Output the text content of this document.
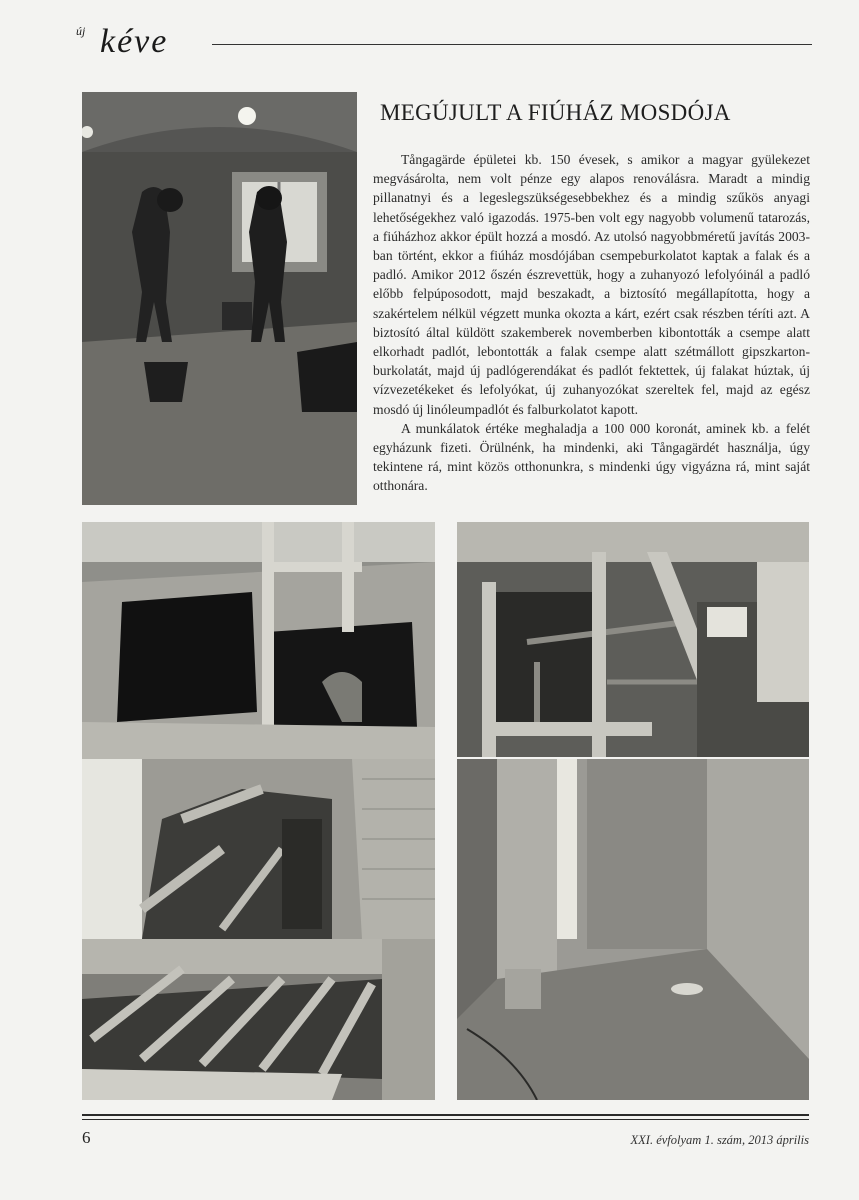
új kéve
MEGÚJULT A FIÚHÁZ MOSDÓJA

Tångagärde épületei kb. 150 évesek, s amikor a magyar gyülekezet megvásárolta, nem volt pénze egy alapos renoválásra. Maradt a mindig pillanatnyi és a legeslegszükségesebbekhez és a mindig szűkös anyagi lehetőségekhez való igazodás. 1975-ben volt egy nagyobb volumenű tatarozás, a fiúházhoz akkor épült hozzá a mosdó. Az utolsó nagyobbméretű javítás 2003-ban történt, ekkor a fiúház mosdójában csempeburkolatot kaptak a falak és a padló. Amikor 2012 őszén észrevettük, hogy a zuhanyozó lefolyóinál a padló előbb felpúposodott, majd beszakadt, a biztosító megállapította, hogy a szakértelem nélkül végzett munka okozta a kárt, ezért csak részben téríti azt. A biztosító által küldött szakemberek novemberben kibontották a csempe alatt elkorhadt padlót, lebontották a falak csempe alatt szétmállott gipszkarton-burkolatát, majd új padlógerendákat és padlót fektettek, új falakat húztak, új vízvezetékeket és lefolyókat, új zuhanyozókat szereltek fel, majd az egész mosdó új linóleumpadlót és falburkolatot kapott.

A munkálatok értéke meghaladja a 100 000 koronát, aminek kb. a felét egyházunk fizeti. Örülnénk, ha mindenki, aki Tångagärdét használja, úgy tekintene rá, mint közös otthonunkra, s mindenki úgy vigyázna rá, mint saját otthonára.

6	XXI. évfolyam 1. szám, 2013 április
